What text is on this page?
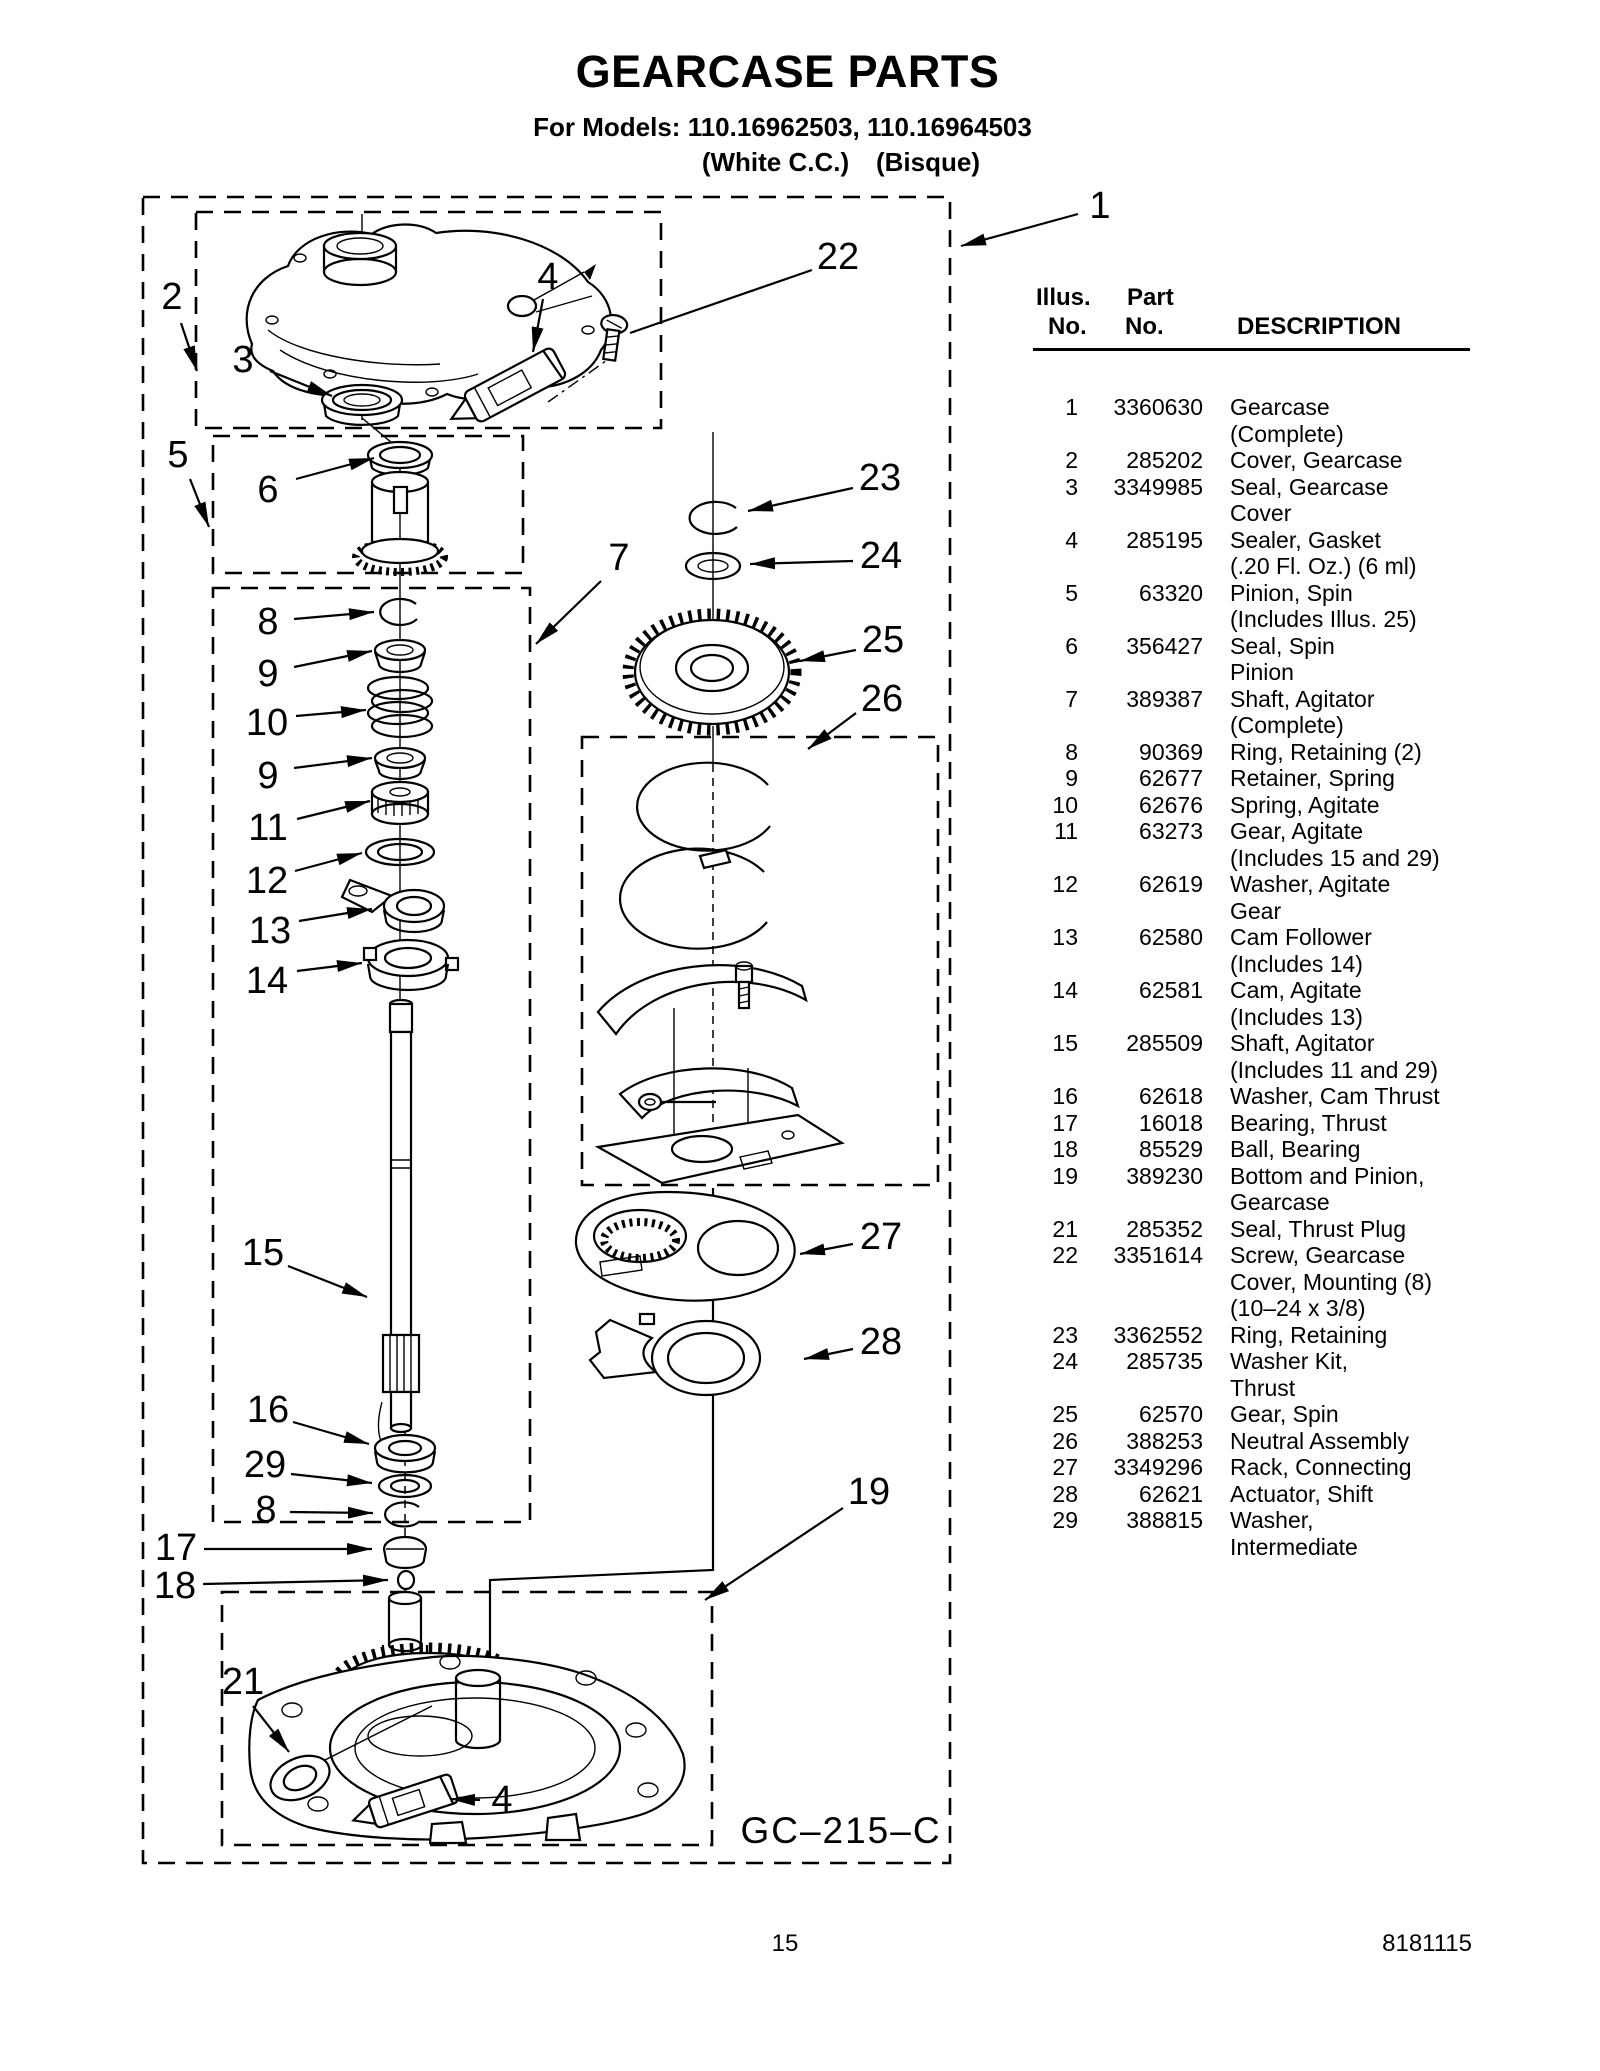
GEARCASE PARTS
For Models: 110.16962503, 110.16964503
(White C.C.)	(Bisque)
Illus.
No.
Part
No.	DESCRIPTION
1	3360630 Gearcase
(Complete)
2	285202 Cover, Gearcase
3	3349985 Seal, Gearcase
Cover
4	285195 Sealer, Gasket
(.20 Fl. Oz.) (6 ml)
5	63320 Pinion, Spin
(Includes Illus. 25)
6	356427 Seal, Spin
Pinion
7	389387 Shaft, Agitator
(Complete)
8	90369 Ring, Retaining (2)
9	62677 Retainer, Spring
10	62676 Spring, Agitate
11	63273 Gear, Agitate
(Includes 15 and 29)
12	62619 Washer, Agitate
Gear
13	62580 Cam Follower
(Includes 14)
14	62581 Cam, Agitate
(Includes 13)
15	285509 Shaft, Agitator
(Includes 11 and 29)
16	62618 Washer, Cam Thrust
17	16018 Bearing, Thrust
18	85529 Ball, Bearing
19	389230 Bottom and Pinion,
Gearcase
21	285352 Seal, Thrust Plug
22	3351614 Screw, Gearcase
Cover, Mounting (8)
(10–24 x 3/8)
23	3362552 Ring, Retaining
24	285735 Washer Kit,
Thrust
25	62570 Gear, Spin
26	388253 Neutral Assembly
27	3349296 Rack, Connecting
28	62621 Actuator, Shift
29	388815 Washer,
Intermediate
GC–215–C
1
2
3
4	22
5
6	23
24
7
25
26
8
9
10
9
11
12
13
14
15
16
29
8
17
18
27
28
19
21
4
15	8181115
